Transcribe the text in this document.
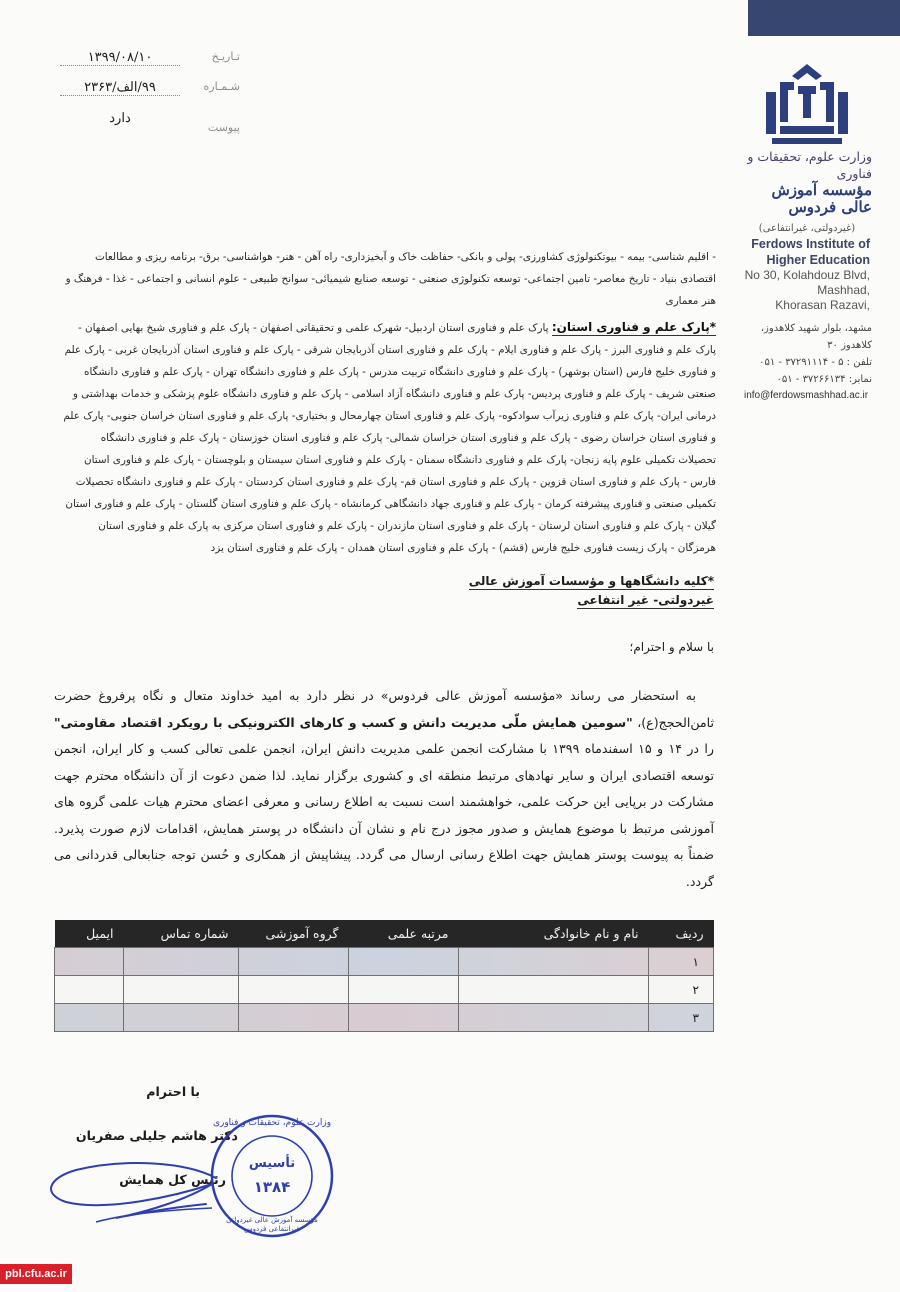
تـاریـخ
۱۳۹۹/۰۸/۱۰
شـمـاره
۹۹/الف/۲۳۶۳
پیوست
دارد
وزارت علوم، تحقیقات و فناوری
مؤسسه آموزش عالی فردوس
(غیردولتی، غیرانتفاعی)
Ferdows Institute of
Higher Education
No 30, Kolahdouz Blvd,
Mashhad,
Khorasan Razavi,
مشهد، بلوار شهید کلاهدوز، کلاهدوز ۳۰
تلفن : ۵ - ۳۷۲۹۱۱۱۴ - ۰۵۱
نمابر: ۳۷۲۶۶۱۳۴ - ۰۵۱
info@ferdowsmashhad.ac.ir
- اقلیم شناسی- بیمه - بیوتکنولوژی کشاورزی- پولی و بانکی- حفاظت خاک و آبخیزداری- راه آهن - هنر- هواشناسی- برق- برنامه ریزی و مطالعات اقتصادی بنیاد - تاریخ معاصر- تامین اجتماعی- توسعه تکنولوژی صنعتی - توسعه صنایع شیمیائی- سوانح طبیعی - علوم انسانی و اجتماعی - غذا - فرهنگ و هنر معماری
*پارک علم و فناوری استان: پارک علم و فناوری استان اردبیل- شهرک علمی و تحقیقاتی اصفهان - پارک علم و فناوری شیخ بهایی اصفهان - پارک علم و فناوری البرز - پارک علم و فناوری ایلام - پارک علم و فناوری استان آذربایجان شرقی - پارک علم و فناوری استان آذربایجان غربی - پارک علم و فناوری خلیج فارس (استان بوشهر) - پارک علم و فناوری دانشگاه تربیت مدرس - پارک علم و فناوری دانشگاه تهران - پارک علم و فناوری دانشگاه صنعتی شریف - پارک علم و فناوری پردیس- پارک علم و فناوری دانشگاه آزاد اسلامی - پارک علم و فناوری دانشگاه علوم پزشکی و خدمات بهداشتی و درمانی ایران- پارک علم و فناوری زیرآب سوادکوه- پارک علم و فناوری استان چهارمحال و بختیاری- پارک علم و فناوری استان خراسان جنوبی- پارک علم و فناوری استان خراسان رضوی - پارک علم و فناوری استان خراسان شمالی- پارک علم و فناوری استان خوزستان - پارک علم و فناوری دانشگاه تحصیلات تکمیلی علوم پایه زنجان- پارک علم و فناوری دانشگاه سمنان - پارک علم و فناوری استان سیستان و بلوچستان - پارک علم و فناوری استان فارس - پارک علم و فناوری استان قزوین - پارک علم و فناوری استان قم- پارک علم و فناوری استان کردستان - پارک علم و فناوری دانشگاه تحصیلات تکمیلی صنعتی و فناوری پیشرفته کرمان - پارک علم و فناوری جهاد دانشگاهی کرمانشاه - پارک علم و فناوری استان گلستان - پارک علم و فناوری استان گیلان - پارک علم و فناوری استان لرستان - پارک علم و فناوری استان مازندران - پارک علم و فناوری استان مرکزی به پارک علم و فناوری استان هرمزگان - پارک زیست فناوری خلیج فارس (قشم) - پارک علم و فناوری استان همدان - پارک علم و فناوری استان یزد
*کلیه دانشگاهها و مؤسسات آموزش عالی غیردولتی- غیر انتفاعی
با سلام و احترام؛
به استحضار می رساند «مؤسسه آموزش عالی فردوس» در نظر دارد به امید خداوند متعال و نگاه پرفروغ حضرت ثامن‌الحجج(ع)، "سومین همایش ملّی مدیریت دانش و کسب و کارهای الکترونیکی با رویکرد اقتصاد مقاومتی" را در ۱۴ و ۱۵ اسفندماه ۱۳۹۹ با مشارکت انجمن علمی مدیریت دانش ایران، انجمن علمی تعالی کسب و کار ایران، انجمن توسعه اقتصادی ایران و سایر نهادهای مرتبط منطقه ای و کشوری برگزار نماید. لذا ضمن دعوت از آن دانشگاه محترم جهت مشارکت در برپایی این حرکت علمی، خواهشمند است نسبت به اطلاع رسانی و معرفی اعضای محترم هیات علمی گروه های آموزشی مرتبط با موضوع همایش و صدور مجوز درج نام و نشان آن دانشگاه در پوستر همایش، اقدامات لازم صورت پذیرد. ضمناً به پیوست پوستر همایش جهت اطلاع رسانی ارسال می گردد. پیشاپیش از همکاری و حُسن توجه جنابعالی قدردانی می گردد.
ردیف	نام و نام خانوادگی	مرتبه علمی	گروه آموزشی	شماره تماس	ایمیل
۱					
۲					
۳					
با احترام
دکتر هاشم جلیلی صفریان
رئیس کل همایش
وزارت علوم، تحقیقات و فناوری
تأسیس
۱۳۸۴
مؤسسه آموزش عالی غیردولتی غیرانتفاعی فردوس
pbl.cfu.ac.ir
